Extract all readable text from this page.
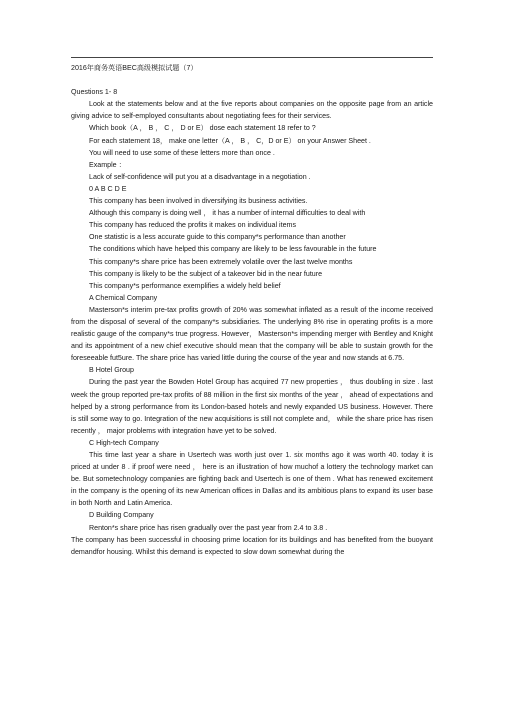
2016年商务英语BEC高级模拟试题（7）

Questions 1- 8

Look at the statements below and at the five reports about companies on the opposite page from an article giving advice to self-employed consultants about negotiating fees for their services.

Which book（A ， B ， C ， D or E） dose each statement 18 refer to ?

For each statement 18， make one letter（A ， B ， C，D or E） on your Answer Sheet .

You will need to use some of these letters more than once .

Example ：

Lack of self-confidence will put you at a disadvantage in a negotiation .

0 A B C D E

This company has been involved in diversifying its business activities.

Although this company is doing well ， it has a number of internal difficulties to deal with

This company has reduced the profits it makes on individual items

One statistic is a less accurate guide to this company*s performance than another

The conditions which have helped this company are likely to be less favourable in the future

This company*s share price has been extremely volatile over the last twelve months

This company is likely to be the subject of a takeover bid in the near future

This company*s performance exemplifies a widely held belief

A Chemical Company

Masterson*s interim pre-tax profits growth of 20% was somewhat inflated as a result of the income received from the disposal of several of the company*s subsidiaries. The underlying 8% rise in operating profits is a more realistic gauge of the company*s true progress. However， Masterson*s impending merger with Bentley and Knight and its appointment of a new chief executive should mean that the company will be able to sustain growth for the foreseeable fut5ure. The share price has varied little during the course of the year and now stands at 6.75.

B Hotel Group

During the past year the Bowden Hotel Group has acquired 77 new properties ， thus doubling in size . last week the group reported pre-tax profits of 88 million in the first six months of the year ， ahead of expectations and helped by a strong performance from its London-based hotels and newly expanded US business. However. There is still some way to go. Integration of the new acquisitions is still not complete and， while the share price has risen recently ， major problems with integration have yet to be solved.

C High-tech Company

This time last year a share in Usertech was worth just over 1. six months ago it was worth 40. today it is priced at under 8 . if proof were need ， here is an illustration of how muchof a lottery the technology market can be. But sometechnology companies are fighting back and Usertech is one of them . What has renewed excitement in the company is the opening of its new American offices in Dallas and its ambitious plans to expand its user base in both North and Latin America.

D Building Company

Renton*s share price has risen gradually over the past year from 2.4 to 3.8 .

The company has been successful in choosing prime location for its buildings and has benefited from the buoyant demandfor housing. Whilst this demand is expected to slow down somewhat during the
